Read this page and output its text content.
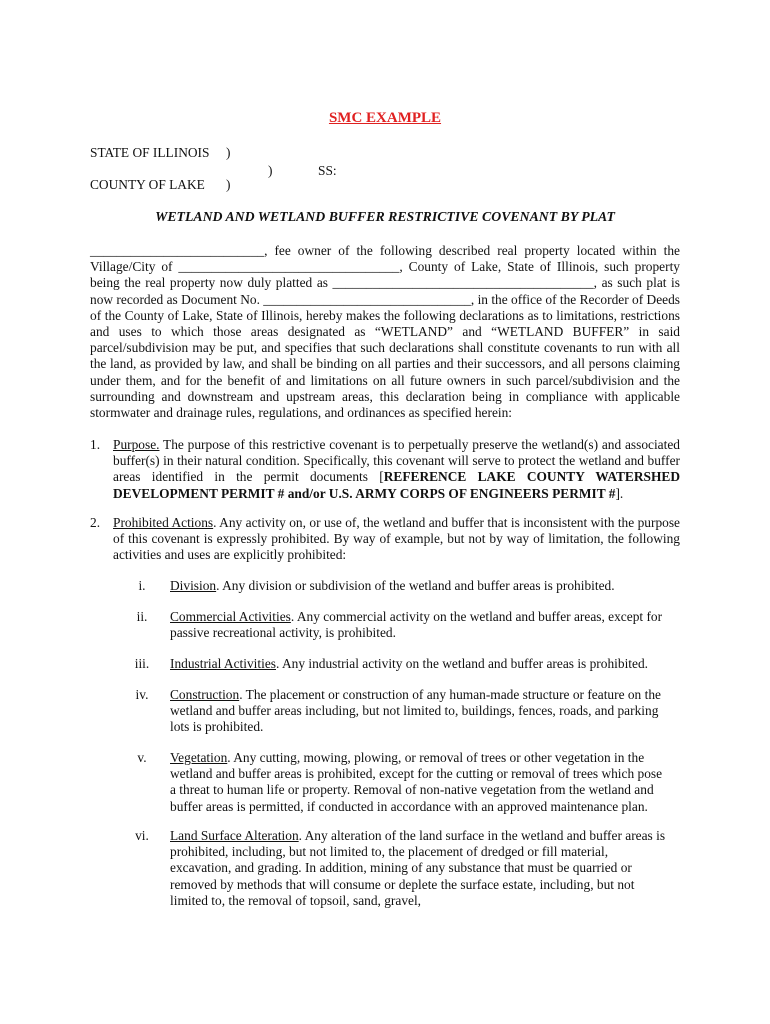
SMC EXAMPLE
STATE OF ILLINOIS )
)	SS:
COUNTY OF LAKE )
WETLAND AND WETLAND BUFFER RESTRICTIVE COVENANT BY PLAT
__________________________, fee owner of the following described real property located within the Village/City of _________________________________, County of Lake, State of Illinois, such property being the real property now duly platted as _______________________________________, as such plat is now recorded as Document No. _______________________________, in the office of the Recorder of Deeds of the County of Lake, State of Illinois, hereby makes the following declarations as to limitations, restrictions and uses to which those areas designated as “WETLAND” and “WETLAND BUFFER” in said parcel/subdivision may be put, and specifies that such declarations shall constitute covenants to run with all the land, as provided by law, and shall be binding on all parties and their successors, and all persons claiming under them, and for the benefit of and limitations on all future owners in such parcel/subdivision and the surrounding and downstream and upstream areas, this declaration being in compliance with applicable stormwater and drainage rules, regulations, and ordinances as specified herein:
1. Purpose. The purpose of this restrictive covenant is to perpetually preserve the wetland(s) and associated buffer(s) in their natural condition. Specifically, this covenant will serve to protect the wetland and buffer areas identified in the permit documents [REFERENCE LAKE COUNTY WATERSHED DEVELOPMENT PERMIT # and/or U.S. ARMY CORPS OF ENGINEERS PERMIT #].
2. Prohibited Actions. Any activity on, or use of, the wetland and buffer that is inconsistent with the purpose of this covenant is expressly prohibited. By way of example, but not by way of limitation, the following activities and uses are explicitly prohibited:
i.	Division. Any division or subdivision of the wetland and buffer areas is prohibited.
ii.	Commercial Activities. Any commercial activity on the wetland and buffer areas, except for passive recreational activity, is prohibited.
iii.	Industrial Activities. Any industrial activity on the wetland and buffer areas is prohibited.
iv.	Construction. The placement or construction of any human-made structure or feature on the wetland and buffer areas including, but not limited to, buildings, fences, roads, and parking lots is prohibited.
v.	Vegetation. Any cutting, mowing, plowing, or removal of trees or other vegetation in the wetland and buffer areas is prohibited, except for the cutting or removal of trees which pose a threat to human life or property. Removal of non-native vegetation from the wetland and buffer areas is permitted, if conducted in accordance with an approved maintenance plan.
vi.	Land Surface Alteration. Any alteration of the land surface in the wetland and buffer areas is prohibited, including, but not limited to, the placement of dredged or fill material, excavation, and grading. In addition, mining of any substance that must be quarried or removed by methods that will consume or deplete the surface estate, including, but not limited to, the removal of topsoil, sand, gravel,
